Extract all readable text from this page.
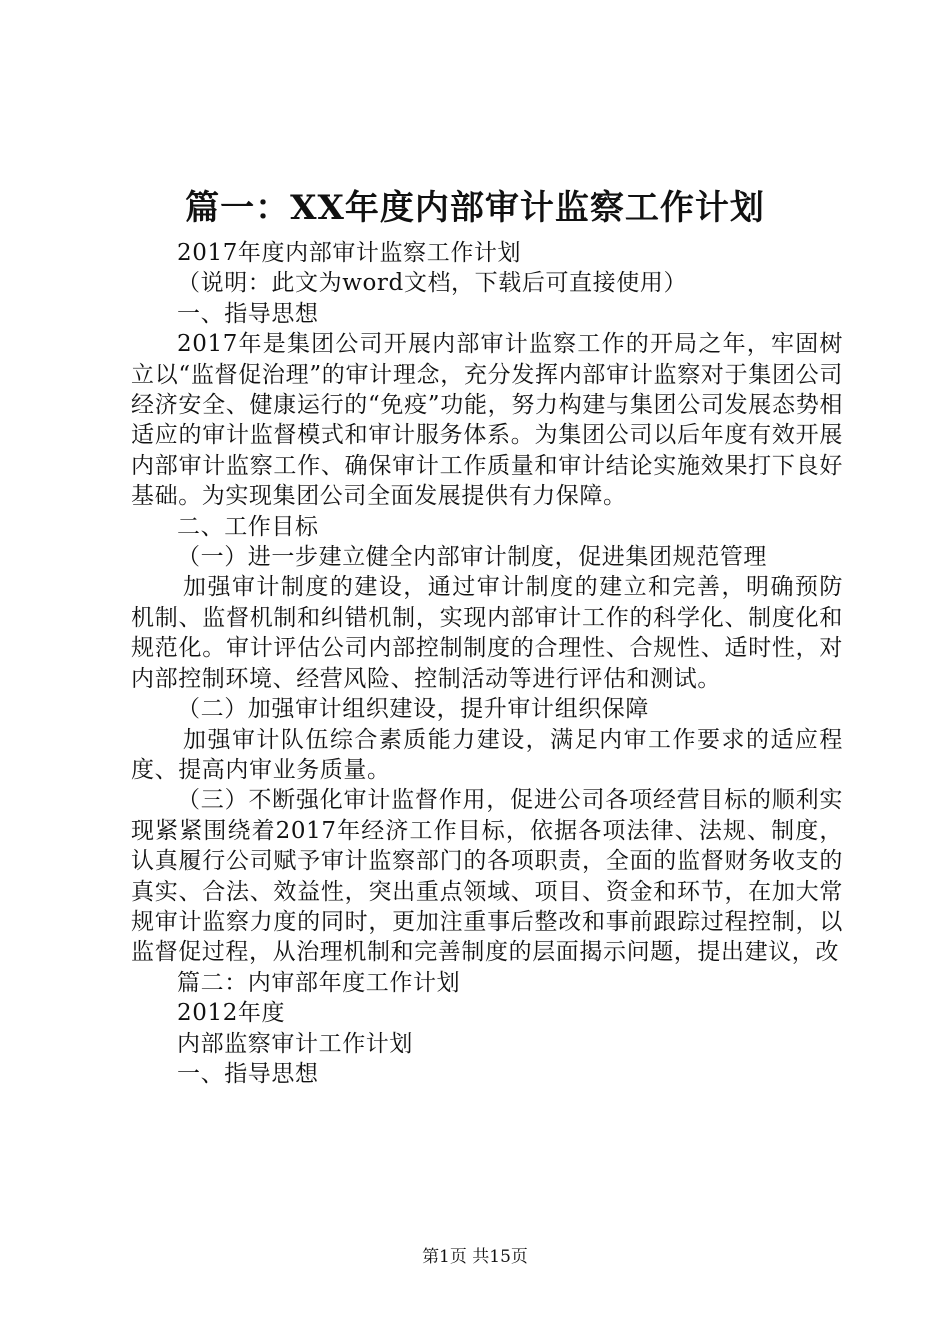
篇一：XX年度内部审计监察工作计划

2017年度内部审计监察工作计划

（说明：此文为word文档，下载后可直接使用）

一、指导思想

2017年是集团公司开展内部审计监察工作的开局之年，牢固树立以“监督促治理”的审计理念，充分发挥内部审计监察对于集团公司经济安全、健康运行的“免疫”功能，努力构建与集团公司发展态势相适应的审计监督模式和审计服务体系。为集团公司以后年度有效开展内部审计监察工作、确保审计工作质量和审计结论实施效果打下良好基础。为实现集团公司全面发展提供有力保障。

二、工作目标

（一）进一步建立健全内部审计制度，促进集团规范管理

加强审计制度的建设，通过审计制度的建立和完善，明确预防机制、监督机制和纠错机制，实现内部审计工作的科学化、制度化和规范化。审计评估公司内部控制制度的合理性、合规性、适时性，对内部控制环境、经营风险、控制活动等进行评估和测试。

（二）加强审计组织建设，提升审计组织保障

加强审计队伍综合素质能力建设，满足内审工作要求的适应程度、提高内审业务质量。

（三）不断强化审计监督作用，促进公司各项经营目标的顺利实现紧紧围绕着2017年经济工作目标，依据各项法律、法规、制度，认真履行公司赋予审计监察部门的各项职责，全面的监督财务收支的真实、合法、效益性，突出重点领域、项目、资金和环节，在加大常规审计监察力度的同时，更加注重事后整改和事前跟踪过程控制，以监督促过程，从治理机制和完善制度的层面揭示问题，提出建议，改

篇二：内审部年度工作计划

2012年度

内部监察审计工作计划

一、指导思想

第1页 共15页
